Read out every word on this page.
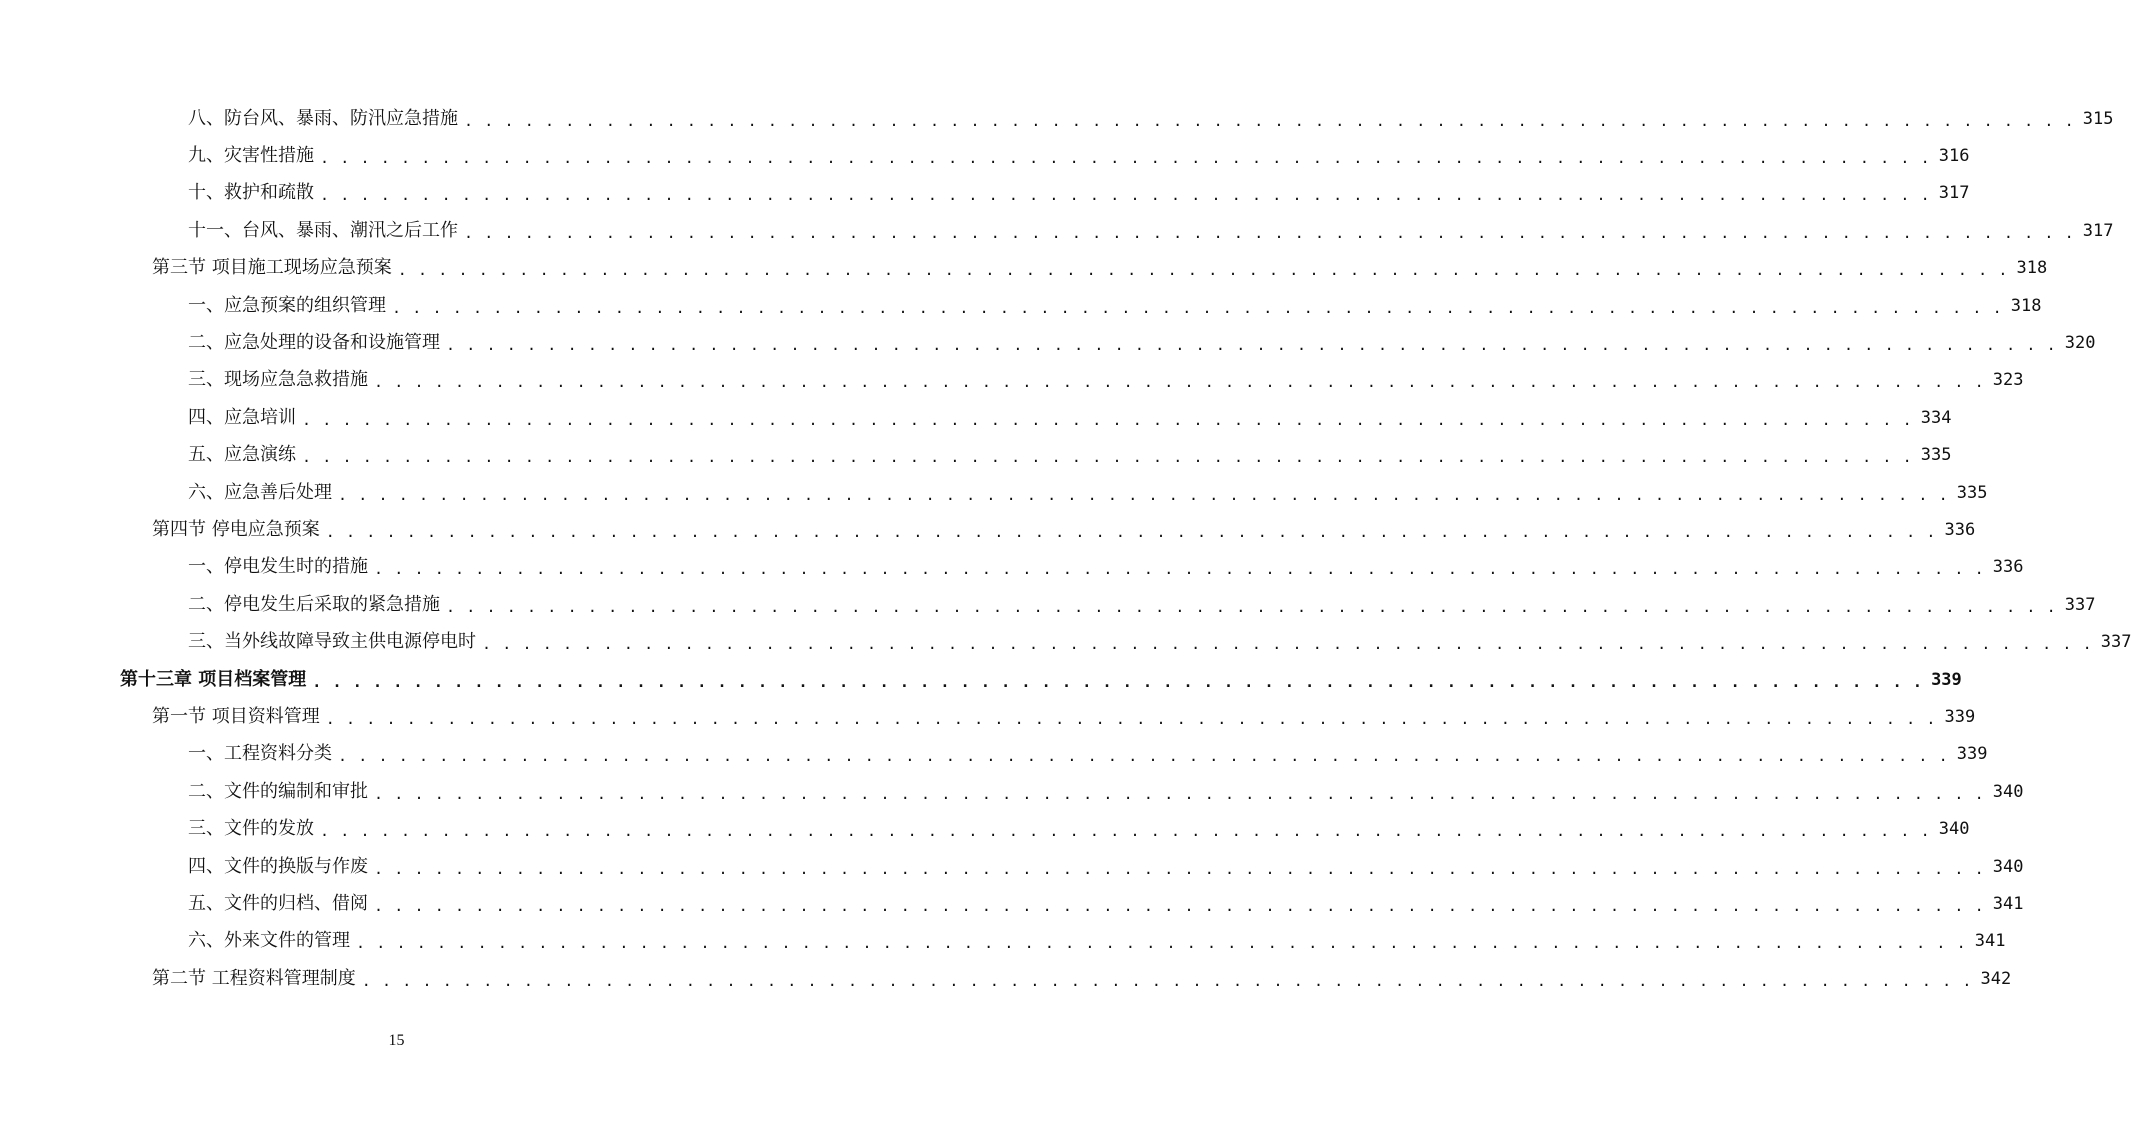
八、防台风、暴雨、防汛应急措施 . . . . . . . . . . . . . . . . . . . . . . . . . . . . . . . . . . . . . . . . . . . . . . . . . . . . . . . . . . . . . . . . . . . . . . . . . . . . . . . . 315
九、灾害性措施 . . . . . . . . . . . . . . . . . . . . . . . . . . . . . . . . . . . . . . . . . . . . . . . . . . . . . . . . . . . . . . . . . . . . . . . . . . . . . . . . 316
十、救护和疏散 . . . . . . . . . . . . . . . . . . . . . . . . . . . . . . . . . . . . . . . . . . . . . . . . . . . . . . . . . . . . . . . . . . . . . . . . . . . . . . . . 317
十一、台风、暴雨、潮汛之后工作 . . . . . . . . . . . . . . . . . . . . . . . . . . . . . . . . . . . . . . . . . . . . . . . . . . . . . . . . . . . . . . . . . . . . . . . . . . . . . . . . 317
第三节 项目施工现场应急预案 . . . . . . . . . . . . . . . . . . . . . . . . . . . . . . . . . . . . . . . . . . . . . . . . . . . . . . . . . . . . . . . . . . . . . . . . . . . . . . . . 318
一、应急预案的组织管理 . . . . . . . . . . . . . . . . . . . . . . . . . . . . . . . . . . . . . . . . . . . . . . . . . . . . . . . . . . . . . . . . . . . . . . . . . . . . . . . . 318
二、应急处理的设备和设施管理 . . . . . . . . . . . . . . . . . . . . . . . . . . . . . . . . . . . . . . . . . . . . . . . . . . . . . . . . . . . . . . . . . . . . . . . . . . . . . . . . 320
三、现场应急急救措施 . . . . . . . . . . . . . . . . . . . . . . . . . . . . . . . . . . . . . . . . . . . . . . . . . . . . . . . . . . . . . . . . . . . . . . . . . . . . . . . . 323
四、应急培训 . . . . . . . . . . . . . . . . . . . . . . . . . . . . . . . . . . . . . . . . . . . . . . . . . . . . . . . . . . . . . . . . . . . . . . . . . . . . . . . . 334
五、应急演练 . . . . . . . . . . . . . . . . . . . . . . . . . . . . . . . . . . . . . . . . . . . . . . . . . . . . . . . . . . . . . . . . . . . . . . . . . . . . . . . . 335
六、应急善后处理 . . . . . . . . . . . . . . . . . . . . . . . . . . . . . . . . . . . . . . . . . . . . . . . . . . . . . . . . . . . . . . . . . . . . . . . . . . . . . . . . 335
第四节 停电应急预案 . . . . . . . . . . . . . . . . . . . . . . . . . . . . . . . . . . . . . . . . . . . . . . . . . . . . . . . . . . . . . . . . . . . . . . . . . . . . . . . . 336
一、停电发生时的措施 . . . . . . . . . . . . . . . . . . . . . . . . . . . . . . . . . . . . . . . . . . . . . . . . . . . . . . . . . . . . . . . . . . . . . . . . . . . . . . . . 336
二、停电发生后采取的紧急措施 . . . . . . . . . . . . . . . . . . . . . . . . . . . . . . . . . . . . . . . . . . . . . . . . . . . . . . . . . . . . . . . . . . . . . . . . . . . . . . . . 337
三、当外线故障导致主供电源停电时 . . . . . . . . . . . . . . . . . . . . . . . . . . . . . . . . . . . . . . . . . . . . . . . . . . . . . . . . . . . . . . . . . . . . . . . . . . . . . . . . 337
第十三章 项目档案管理 . . . . . . . . . . . . . . . . . . . . . . . . . . . . . . . . . . . . . . . . . . . . . . . . . . . . . . . . . . . . . . . . . . . . . . . . . . . . . . . . 339
第一节 项目资料管理 . . . . . . . . . . . . . . . . . . . . . . . . . . . . . . . . . . . . . . . . . . . . . . . . . . . . . . . . . . . . . . . . . . . . . . . . . . . . . . . . 339
一、工程资料分类 . . . . . . . . . . . . . . . . . . . . . . . . . . . . . . . . . . . . . . . . . . . . . . . . . . . . . . . . . . . . . . . . . . . . . . . . . . . . . . . . 339
二、文件的编制和审批 . . . . . . . . . . . . . . . . . . . . . . . . . . . . . . . . . . . . . . . . . . . . . . . . . . . . . . . . . . . . . . . . . . . . . . . . . . . . . . . . 340
三、文件的发放 . . . . . . . . . . . . . . . . . . . . . . . . . . . . . . . . . . . . . . . . . . . . . . . . . . . . . . . . . . . . . . . . . . . . . . . . . . . . . . . . 340
四、文件的换版与作废 . . . . . . . . . . . . . . . . . . . . . . . . . . . . . . . . . . . . . . . . . . . . . . . . . . . . . . . . . . . . . . . . . . . . . . . . . . . . . . . . 340
五、文件的归档、借阅 . . . . . . . . . . . . . . . . . . . . . . . . . . . . . . . . . . . . . . . . . . . . . . . . . . . . . . . . . . . . . . . . . . . . . . . . . . . . . . . . 341
六、外来文件的管理 . . . . . . . . . . . . . . . . . . . . . . . . . . . . . . . . . . . . . . . . . . . . . . . . . . . . . . . . . . . . . . . . . . . . . . . . . . . . . . . . 341
第二节 工程资料管理制度 . . . . . . . . . . . . . . . . . . . . . . . . . . . . . . . . . . . . . . . . . . . . . . . . . . . . . . . . . . . . . . . . . . . . . . . . . . . . . . . . 342
15
